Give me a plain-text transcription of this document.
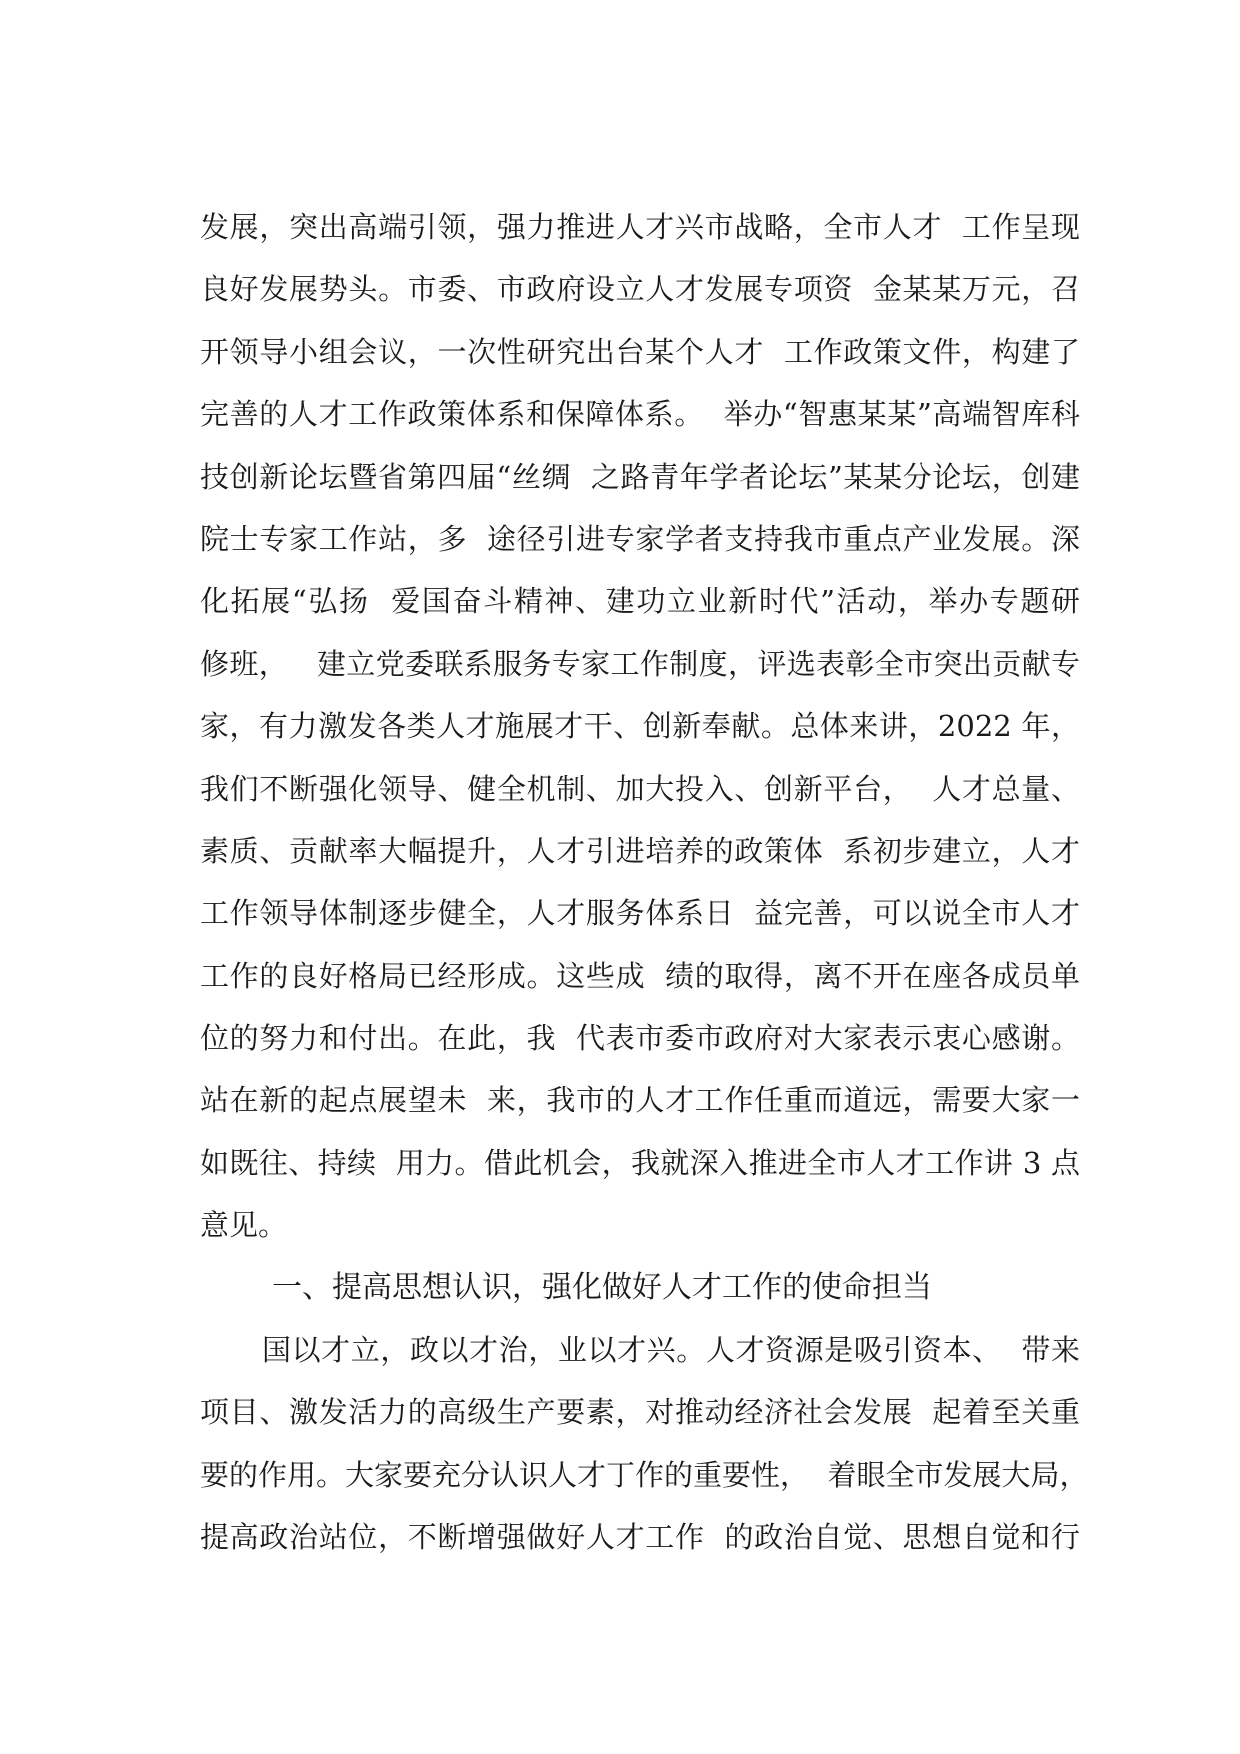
发展，突出高端引领，强力推进人才兴市战略，全市人才  工作呈现
良好发展势头。市委、市政府设立人才发展专项资  金某某万元，召
开领导小组会议，一次性研究出台某个人才  工作政策文件，构建了
完善的人才工作政策体系和保障体系。  举办“智惠某某”高端智库科
技创新论坛暨省第四届“丝绸  之路青年学者论坛”某某分论坛，创建
院士专家工作站，多  途径引进专家学者支持我市重点产业发展。深
化拓展“弘扬  爱国奋斗精神、建功立业新时代”活动，举办专题研
修班，   建立党委联系服务专家工作制度，评选表彰全市突出贡献专
家，有力激发各类人才施展才干、创新奉献。总体来讲，2022 年，
我们不断强化领导、健全机制、加大投入、创新平台，  人才总量、
素质、贡献率大幅提升，人才引进培养的政策体  系初步建立，人才
工作领导体制逐步健全，人才服务体系日  益完善，可以说全市人才
工作的良好格局已经形成。这些成  绩的取得，离不开在座各成员单
位的努力和付出。在此，我  代表市委市政府对大家表示衷心感谢。
站在新的起点展望未  来，我市的人才工作任重而道远，需要大家一
如既往、持续  用力。借此机会，我就深入推进全市人才工作讲 3 点
意见。
一、提高思想认识，强化做好人才工作的使命担当
国以才立，政以才治，业以才兴。人才资源是吸引资本、  带来
项目、激发活力的高级生产要素，对推动经济社会发展  起着至关重
要的作用。大家要充分认识人才丁作的重要性，  着眼全市发展大局，
提高政治站位，不断增强做好人才工作  的政治自觉、思想自觉和行
